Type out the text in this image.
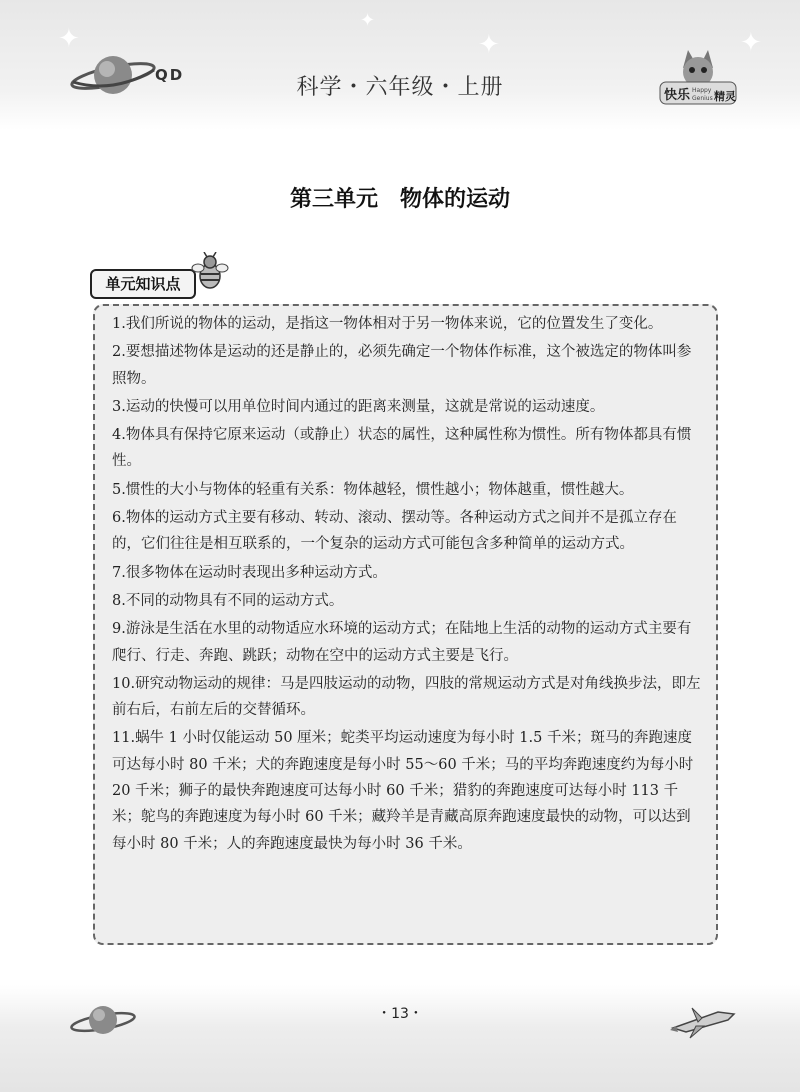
✦
✦
✦	✦
QD	科学・六年级・上册	快乐 Happy
Genius 精灵
第三单元　物体的运动
单元知识点

1.我们所说的物体的运动，是指这一物体相对于另一物体来说，它的位置发生了变化。

2.要想描述物体是运动的还是静止的，必须先确定一个物体作标准，这个被选定的物体叫参照物。

3.运动的快慢可以用单位时间内通过的距离来测量，这就是常说的运动速度。

4.物体具有保持它原来运动（或静止）状态的属性，这种属性称为惯性。所有物体都具有惯性。

5.惯性的大小与物体的轻重有关系：物体越轻，惯性越小；物体越重，惯性越大。

6.物体的运动方式主要有移动、转动、滚动、摆动等。各种运动方式之间并不是孤立存在的，它们往往是相互联系的，一个复杂的运动方式可能包含多种简单的运动方式。

7.很多物体在运动时表现出多种运动方式。

8.不同的动物具有不同的运动方式。

9.游泳是生活在水里的动物适应水环境的运动方式；在陆地上生活的动物的运动方式主要有爬行、行走、奔跑、跳跃；动物在空中的运动方式主要是飞行。

10.研究动物运动的规律：马是四肢运动的动物，四肢的常规运动方式是对角线换步法，即左前右后，右前左后的交替循环。

11.蜗牛 1 小时仅能运动 50 厘米；蛇类平均运动速度为每小时 1.5 千米；斑马的奔跑速度可达每小时 80 千米；犬的奔跑速度是每小时 55～60 千米；马的平均奔跑速度约为每小时 20 千米；狮子的最快奔跑速度可达每小时 60 千米；猎豹的奔跑速度可达每小时 113 千米；鸵鸟的奔跑速度为每小时 60 千米；藏羚羊是青藏高原奔跑速度最快的动物，可以达到每小时 80 千米；人的奔跑速度最快为每小时 36 千米。

・13・
